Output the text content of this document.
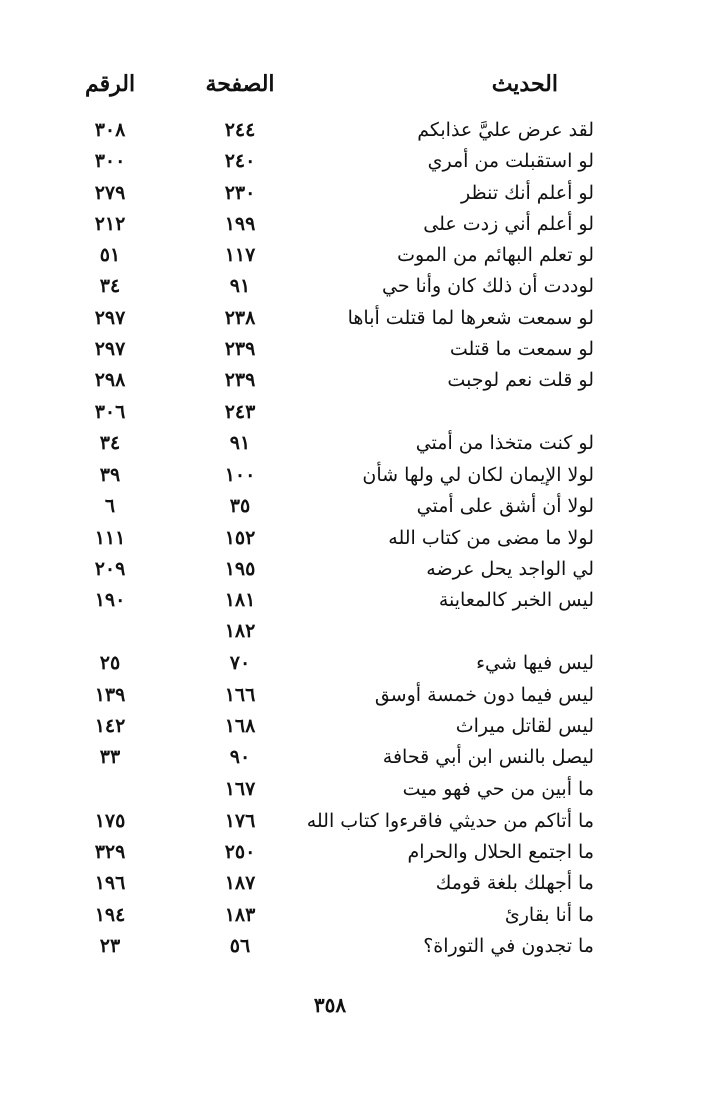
الحديث
الصفحة
الرقم
لقد عرض عليَّ عذابكم
٢٤٤
٣٠٨
لو استقبلت من أمري
٢٤٠
٣٠٠
لو أعلم أنك تنظر
٢٣٠
٢٧٩
لو أعلم أني زدت على
١٩٩
٢١٢
لو تعلم البهائم من الموت
١١٧
٥١
لوددت أن ذلك كان وأنا حي
٩١
٣٤
لو سمعت شعرها لما قتلت أباها
٢٣٨
٢٩٧
لو سمعت ما قتلت
٢٣٩
٢٩٧
لو قلت نعم لوجبت
٢٣٩
٢٩٨
٢٤٣
٣٠٦
لو كنت متخذا من أمتي
٩١
٣٤
لولا الإيمان لكان لي ولها شأن
١٠٠
٣٩
لولا أن أشق على أمتي
٣٥
٦
لولا ما مضى من كتاب الله
١٥٢
١١١
لي الواجد يحل عرضه
١٩٥
٢٠٩
ليس الخبر كالمعاينة
١٨١
١٩٠
١٨٢
ليس فيها شيء
٧٠
٢٥
ليس فيما دون خمسة أوسق
١٦٦
١٣٩
ليس لقاتل ميراث
١٦٨
١٤٢
ليصل بالنس ابن أبي قحافة
٩٠
٣٣
ما أبين من حي فهو ميت
١٦٧
ما أتاكم من حديثي فاقرءوا كتاب الله
١٧٦
١٧٥
ما اجتمع الحلال والحرام
٢٥٠
٣٢٩
ما أجهلك بلغة قومك
١٨٧
١٩٦
ما أنا بقارئ
١٨٣
١٩٤
ما تجدون في التوراة؟
٥٦
٢٣
٣٥٨
